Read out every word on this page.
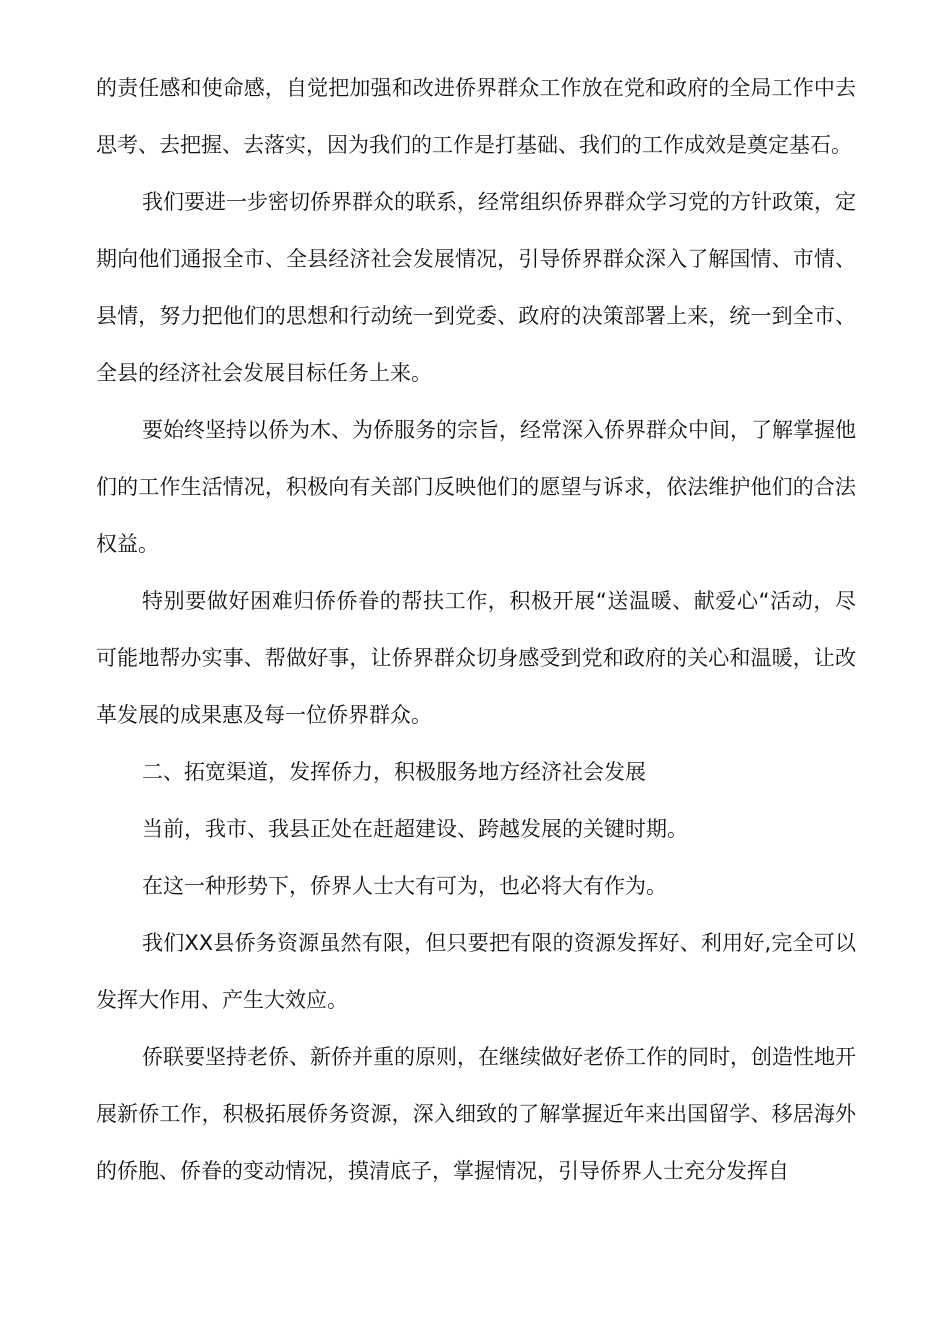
的责任感和使命感，自觉把加强和改进侨界群众工作放在党和政府的全局工作中去思考、去把握、去落实，因为我们的工作是打基础、我们的工作成效是奠定基石。

我们要进一步密切侨界群众的联系，经常组织侨界群众学习党的方针政策，定期向他们通报全市、全县经济社会发展情况，引导侨界群众深入了解国情、市情、县情，努力把他们的思想和行动统一到党委、政府的决策部署上来，统一到全市、全县的经济社会发展目标任务上来。

要始终坚持以侨为木、为侨服务的宗旨，经常深入侨界群众中间，了解掌握他们的工作生活情况，积极向有关部门反映他们的愿望与诉求，依法维护他们的合法权益。

特别要做好困难归侨侨眷的帮扶工作，积极开展“送温暖、献爱心“活动，尽可能地帮办实事、帮做好事，让侨界群众切身感受到党和政府的关心和温暖，让改革发展的成果惠及每一位侨界群众。

二、拓宽渠道，发挥侨力，积极服务地方经济社会发展

当前，我市、我县正处在赶超建设、跨越发展的关键时期。

在这一种形势下，侨界人士大有可为，也必将大有作为。

我们XX县侨务资源虽然有限，但只要把有限的资源发挥好、利用好,完全可以发挥大作用、产生大效应。

侨联要坚持老侨、新侨并重的原则，在继续做好老侨工作的同时，创造性地开展新侨工作，积极拓展侨务资源，深入细致的了解掌握近年来出国留学、移居海外的侨胞、侨眷的变动情况，摸清底子，掌握情况，引导侨界人士充分发挥自
